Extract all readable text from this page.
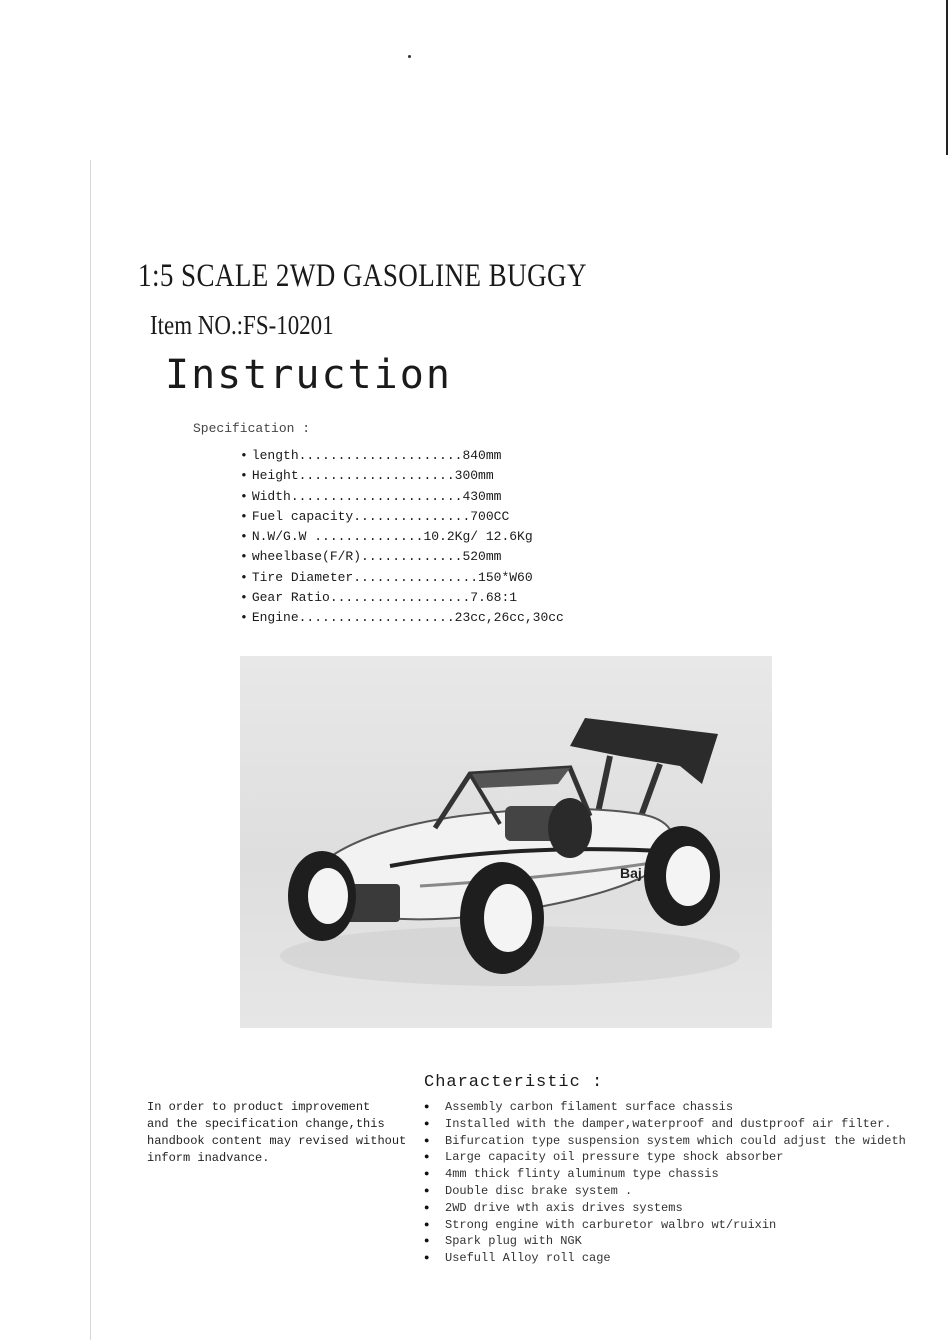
1:5 SCALE 2WD GASOLINE BUGGY
Item NO.:FS-10201
Instruction
Specification :
• length.....................840mm
• Height....................300mm
• Width......................430mm
• Fuel capacity...............700CC
• N.W/G.W ..............10.2Kg/ 12.6Kg
• wheelbase(F/R).............520mm
• Tire Diameter................150*W60
• Gear Ratio..................7.68:1
• Engine....................23cc,26cc,30cc
Baj
In order to product improvement
and the specification change,this
handbook content may revised without
inform inadvance.
Characteristic :
● Assembly carbon filament surface chassis
● Installed with the damper,waterproof and dustproof air filter.
● Bifurcation type suspension system which could adjust the wideth
● Large capacity oil pressure type shock absorber
● 4mm thick flinty aluminum type chassis
● Double disc brake system .
● 2WD drive wth axis drives systems
● Strong engine with carburetor walbro wt/ruixin
● Spark plug with NGK
● Usefull Alloy roll cage
